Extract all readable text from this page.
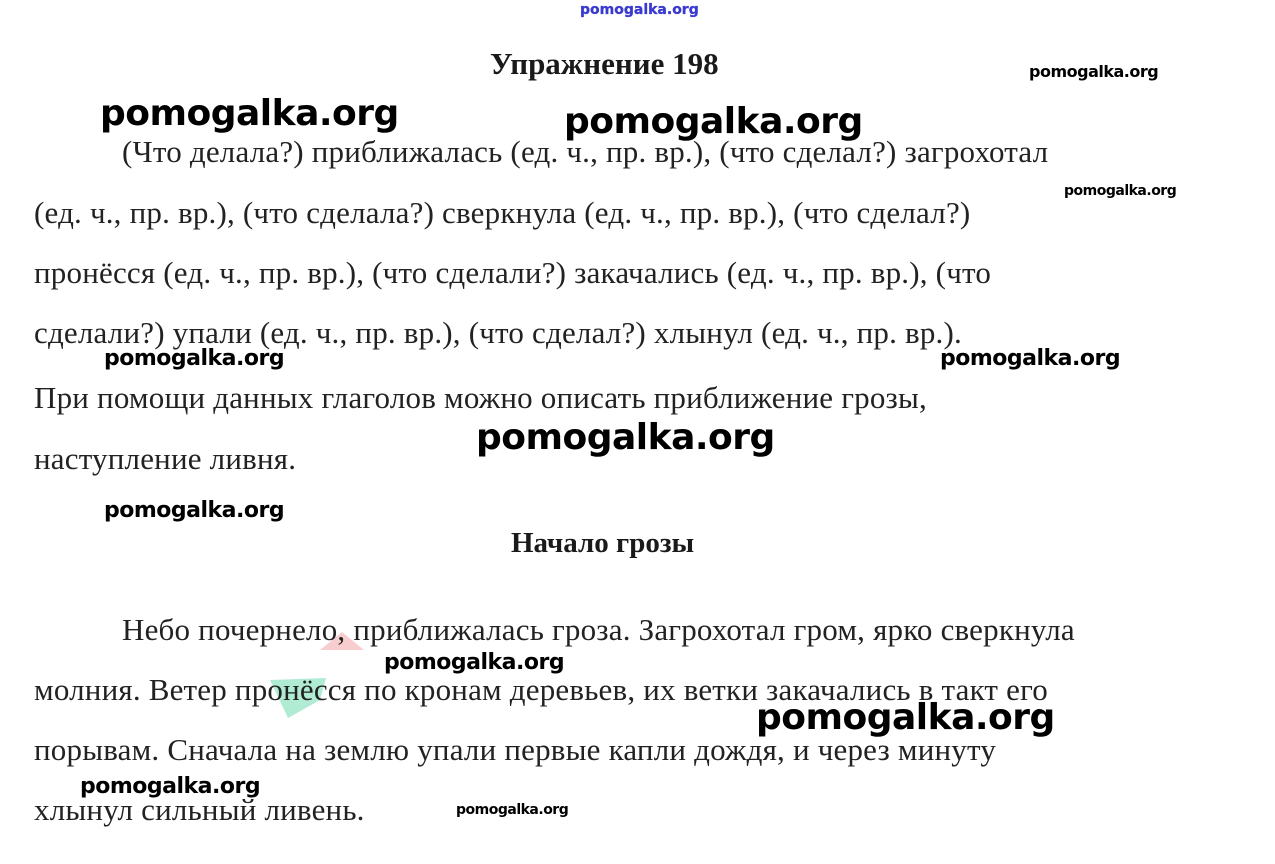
pomogalka.org
Упражнение 198
(Что делала?) приближалась (ед. ч., пр. вр.), (что сделал?) загрохотал
(ед. ч., пр. вр.), (что сделала?) сверкнула (ед. ч., пр. вр.), (что сделал?)
пронёсся (ед. ч., пр. вр.), (что сделали?) закачались (ед. ч., пр. вр.), (что
сделали?) упали (ед. ч., пр. вр.), (что сделал?) хлынул (ед. ч., пр. вр.).
При помощи данных глаголов можно описать приближение грозы,
наступление ливня.
Начало грозы
Небо почернело, приближалась гроза. Загрохотал гром, ярко сверкнула
молния. Ветер пронёсся по кронам деревьев, их ветки закачались в такт его
порывам. Сначала на землю упали первые капли дождя, и через минуту
хлынул сильный ливень.
pomogalka.org
pomogalka.org	pomogalka.org
pomogalka.org
pomogalka.org	pomogalka.org
pomogalka.org
pomogalka.org
pomogalka.org
pomogalka.org
pomogalka.org
pomogalka.org
